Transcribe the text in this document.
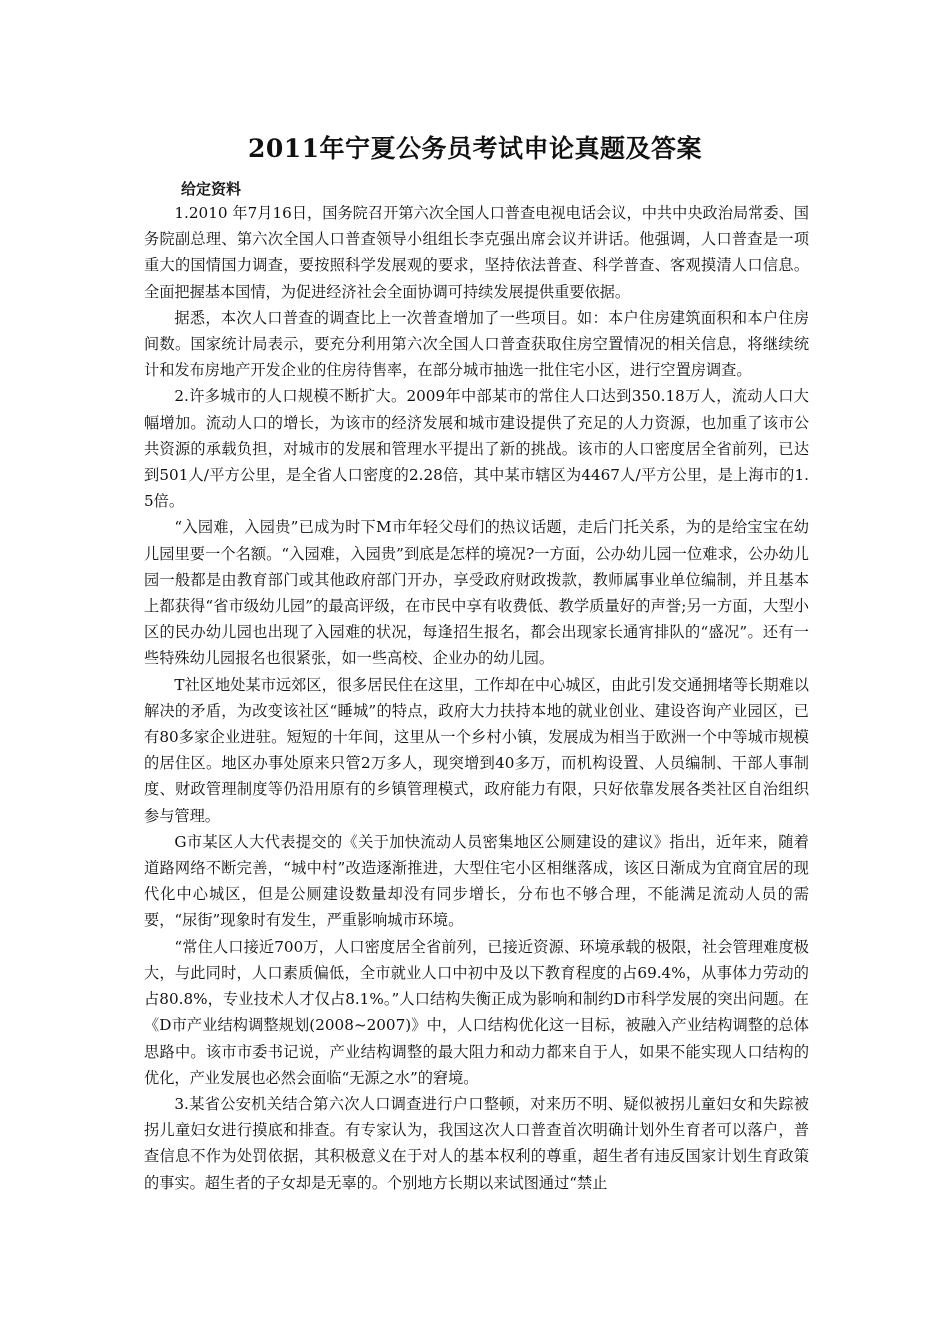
2011年宁夏公务员考试申论真题及答案
给定资料

1.2010 年7月16日，国务院召开第六次全国人口普查电视电话会议，中共中央政治局常委、国务院副总理、第六次全国人口普查领导小组组长李克强出席会议并讲话。他强调，人口普查是一项重大的国情国力调查，要按照科学发展观的要求，坚持依法普查、科学普查、客观摸清人口信息。全面把握基本国情，为促进经济社会全面协调可持续发展提供重要依据。

据悉，本次人口普查的调查比上一次普查增加了一些项目。如：本户住房建筑面积和本户住房间数。国家统计局表示，要充分利用第六次全国人口普查获取住房空置情况的相关信息，将继续统计和发布房地产开发企业的住房待售率，在部分城市抽选一批住宅小区，进行空置房调查。

2.许多城市的人口规模不断扩大。2009年中部某市的常住人口达到350.18万人，流动人口大幅增加。流动人口的增长，为该市的经济发展和城市建设提供了充足的人力资源，也加重了该市公共资源的承载负担，对城市的发展和管理水平提出了新的挑战。该市的人口密度居全省前列，已达到501人/平方公里，是全省人口密度的2.28倍，其中某市辖区为4467人/平方公里，是上海市的1.5倍。

“入园难，入园贵”已成为时下M市年轻父母们的热议话题，走后门托关系，为的是给宝宝在幼儿园里要一个名额。“入园难，入园贵”到底是怎样的境况?一方面，公办幼儿园一位难求，公办幼儿园一般都是由教育部门或其他政府部门开办，享受政府财政拨款，教师属事业单位编制，并且基本上都获得“省市级幼儿园”的最高评级，在市民中享有收费低、教学质量好的声誉;另一方面，大型小区的民办幼儿园也出现了入园难的状况，每逢招生报名，都会出现家长通宵排队的“盛况”。还有一些特殊幼儿园报名也很紧张，如一些高校、企业办的幼儿园。

T社区地处某市远郊区，很多居民住在这里，工作却在中心城区，由此引发交通拥堵等长期难以解决的矛盾，为改变该社区“睡城”的特点，政府大力扶持本地的就业创业、建设咨询产业园区，已有80多家企业进驻。短短的十年间，这里从一个乡村小镇，发展成为相当于欧洲一个中等城市规模的居住区。地区办事处原来只管2万多人，现突增到40多万，而机构设置、人员编制、干部人事制度、财政管理制度等仍沿用原有的乡镇管理模式，政府能力有限，只好依靠发展各类社区自治组织参与管理。

G市某区人大代表提交的《关于加快流动人员密集地区公厕建设的建议》指出，近年来，随着道路网络不断完善，“城中村”改造逐渐推进，大型住宅小区相继落成，该区日渐成为宜商宜居的现代化中心城区，但是公厕建设数量却没有同步增长，分布也不够合理，不能满足流动人员的需要，“尿街”现象时有发生，严重影响城市环境。

“常住人口接近700万，人口密度居全省前列，已接近资源、环境承载的极限，社会管理难度极大，与此同时，人口素质偏低，全市就业人口中初中及以下教育程度的占69.4%，从事体力劳动的占80.8%，专业技术人才仅占8.1%。”人口结构失衡正成为影响和制约D市科学发展的突出问题。在《D市产业结构调整规划(2008~2007)》中，人口结构优化这一目标，被融入产业结构调整的总体思路中。该市市委书记说，产业结构调整的最大阻力和动力都来自于人，如果不能实现人口结构的优化，产业发展也必然会面临“无源之水”的窘境。

3.某省公安机关结合第六次人口调查进行户口整顿，对来历不明、疑似被拐儿童妇女和失踪被拐儿童妇女进行摸底和排查。有专家认为，我国这次人口普查首次明确计划外生育者可以落户，普查信息不作为处罚依据，其积极意义在于对人的基本权利的尊重，超生者有违反国家计划生育政策的事实。超生者的子女却是无辜的。个别地方长期以来试图通过“禁止
